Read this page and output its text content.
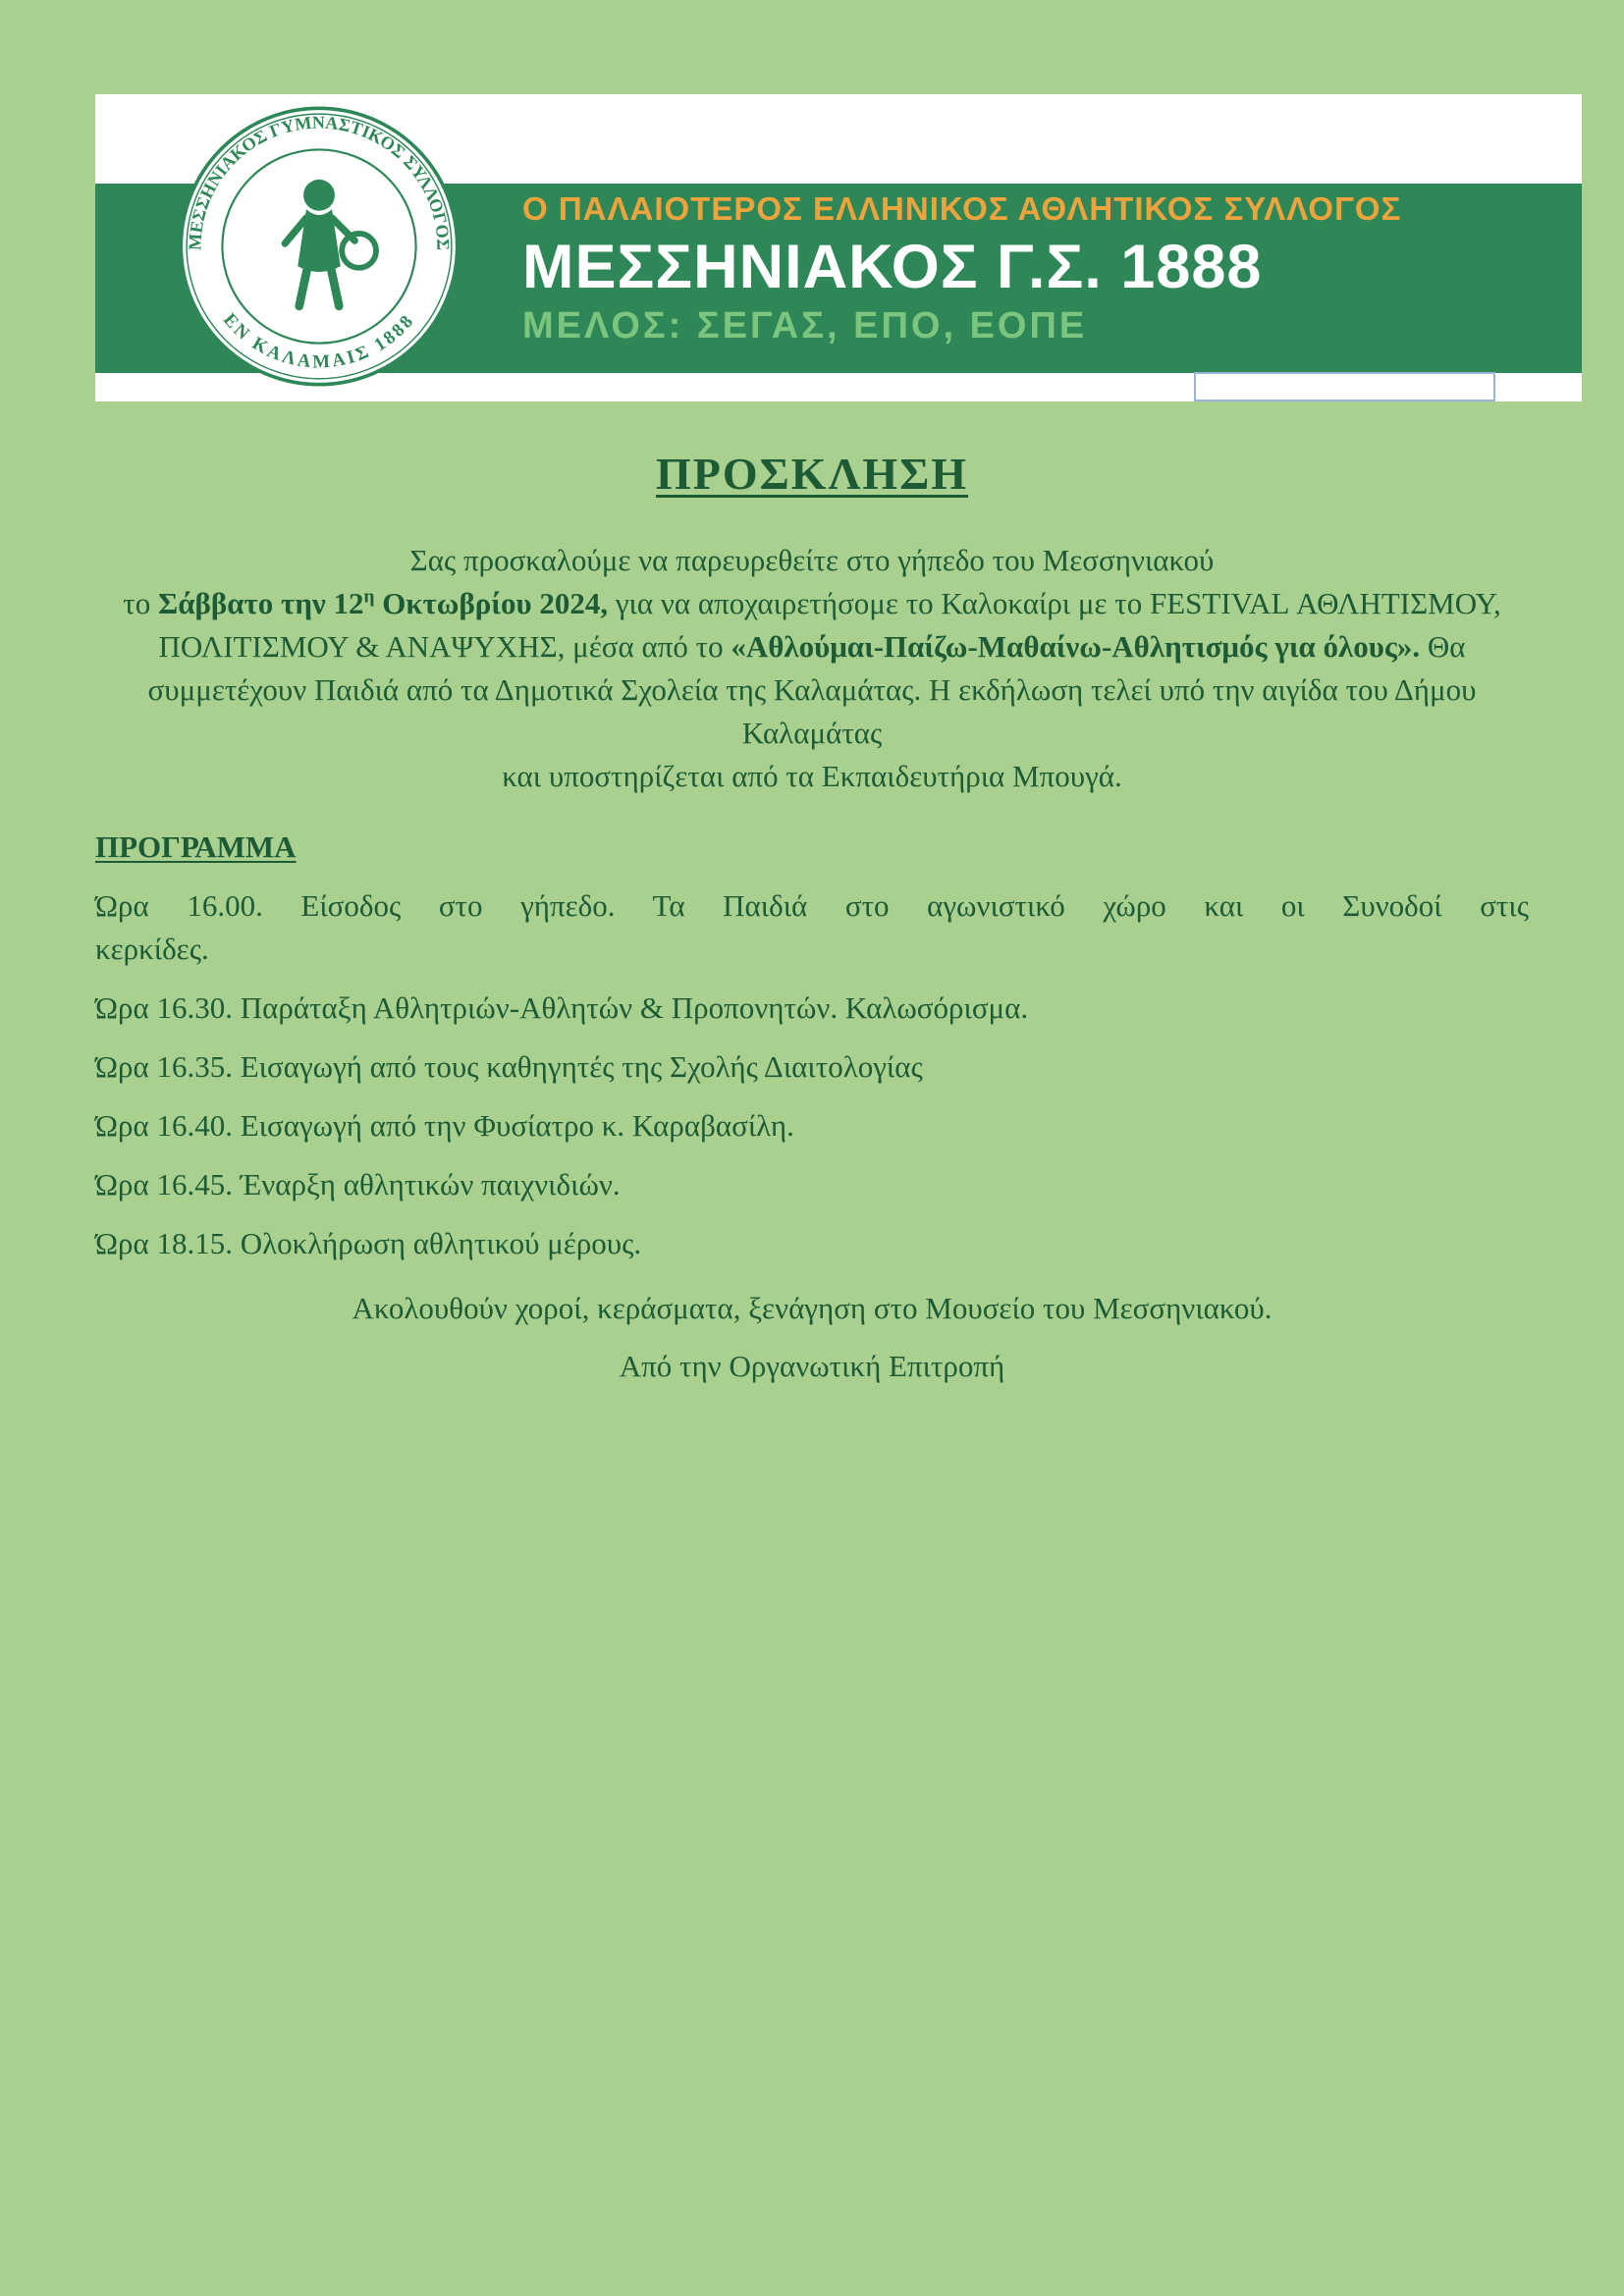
Ο ΠΑΛΑΙΟΤΕΡΟΣ ΕΛΛΗΝΙΚΟΣ ΑΘΛΗΤΙΚΟΣ ΣΥΛΛΟΓΟΣ
ΜΕΣΣΗΝΙΑΚΟΣ Γ.Σ. 1888
ΜΕΛΟΣ: ΣΕΓΑΣ, ΕΠΟ, ΕΟΠΕ
ΜΕΣΣΗΝΙΑΚΟΣ ΓΥΜΝΑΣΤΙΚΟΣ ΣΥΛΛΟΓΟΣ
ΕΝ ΚΑΛΑΜΑΙΣ 1888
ΠΡΟΣΚΛΗΣΗ

Σας προσκαλούμε να παρευρεθείτε στο γήπεδο του Μεσσηνιακού
το Σάββατο την $12^\eta$ Οκτωβρίου 2024, για να αποχαιρετήσομε το Καλοκαίρι με το FESTIVAL ΑΘΛΗΤΙΣΜΟΥ, ΠΟΛΙΤΙΣΜΟΥ & ΑΝΑΨΥΧΗΣ, μέσα από το «Αθλούμαι-Παίζω-Μαθαίνω-Αθλητισμός για όλους». Θα συμμετέχουν Παιδιά από τα Δημοτικά Σχολεία της Καλαμάτας. Η εκδήλωση τελεί υπό την αιγίδα του Δήμου Καλαμάτας
και υποστηρίζεται από τα Εκπαιδευτήρια Μπουγά.

ΠΡΟΓΡΑΜΜΑ

Ώρα 16.00. Είσοδος στο γήπεδο. Τα Παιδιά στο αγωνιστικό χώρο και οι Συνοδοί στις
κερκίδες.

Ώρα 16.30. Παράταξη Αθλητριών-Αθλητών & Προπονητών. Καλωσόρισμα.

Ώρα 16.35. Εισαγωγή από τους καθηγητές της Σχολής Διαιτολογίας

Ώρα 16.40. Εισαγωγή από την Φυσίατρο κ. Καραβασίλη.

Ώρα 16.45. Έναρξη αθλητικών παιχνιδιών.

Ώρα 18.15. Ολοκλήρωση αθλητικού μέρους.

Ακολουθούν χοροί, κεράσματα, ξενάγηση στο Μουσείο του Μεσσηνιακού.

Από την Οργανωτική Επιτροπή
